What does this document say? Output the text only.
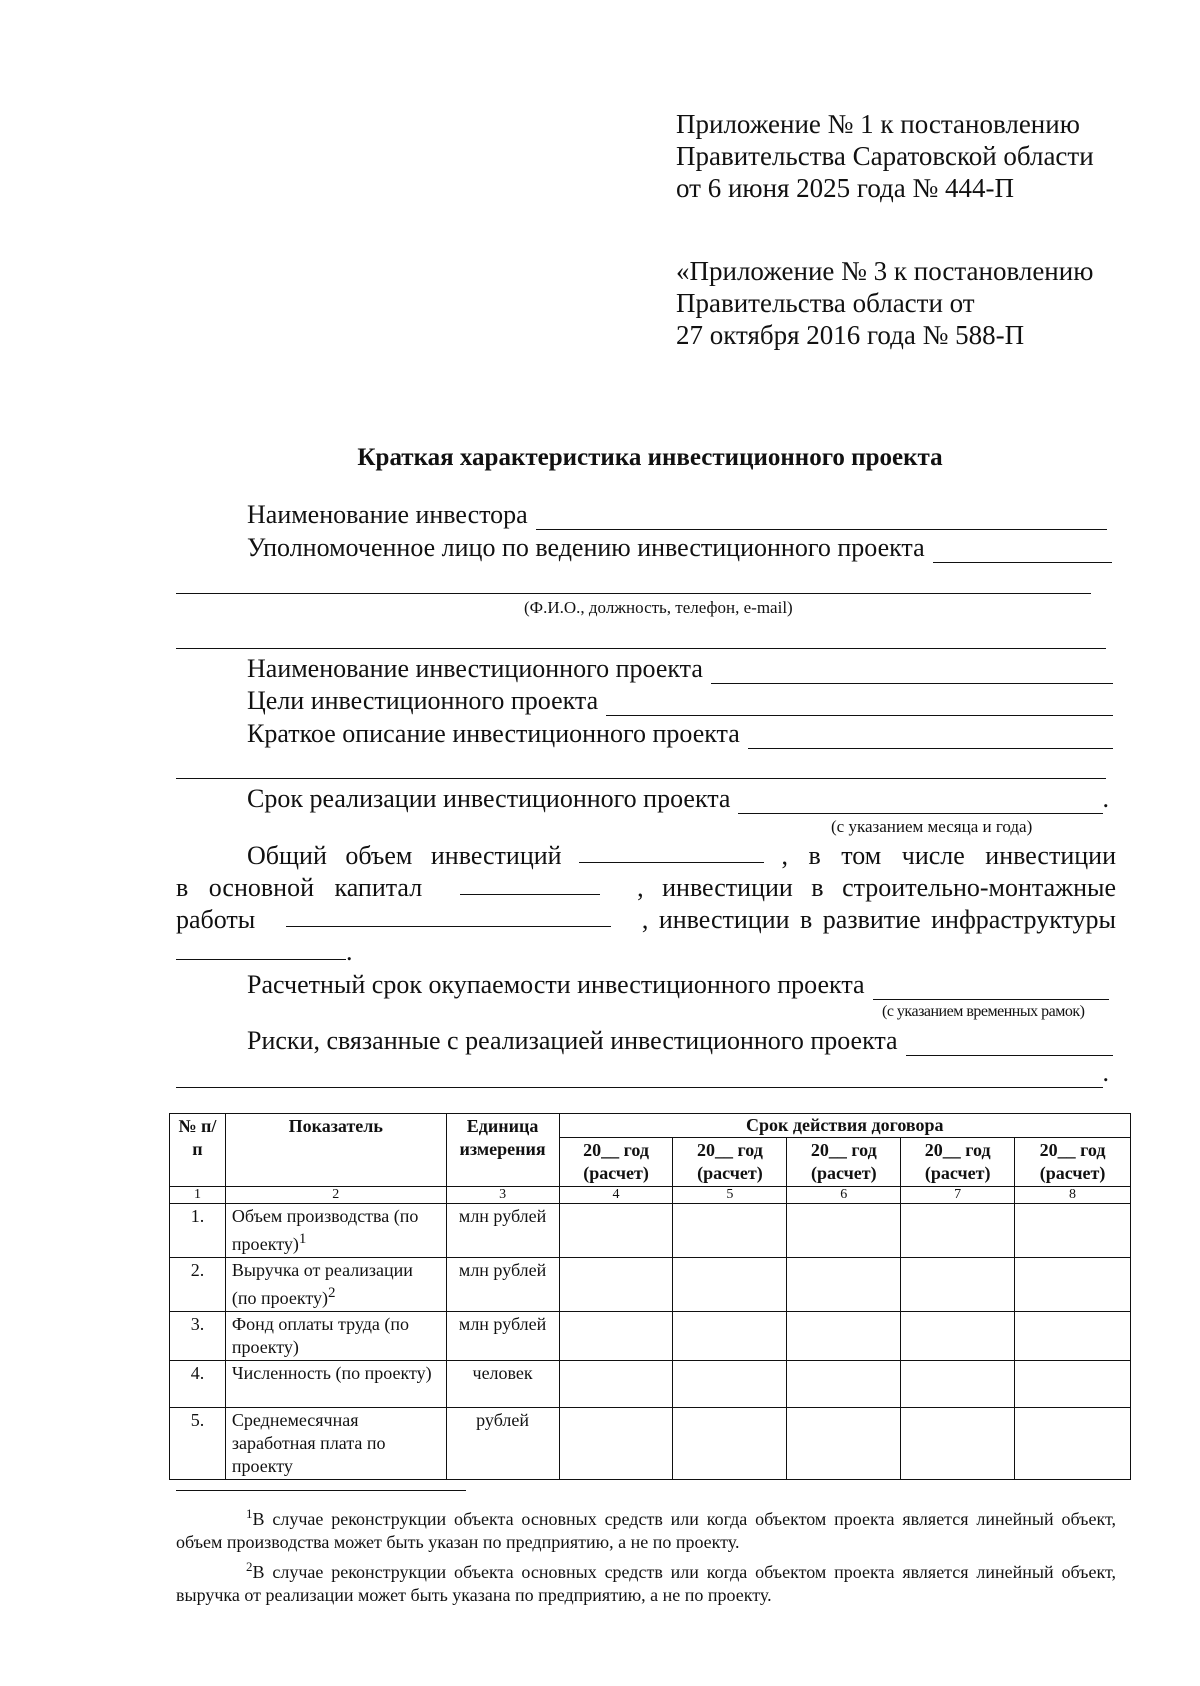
Приложение № 1 к постановлению
Правительства Саратовской области
от 6 июня 2025 года № 444-П
«Приложение № 3 к постановлению
Правительства области от
27 октября 2016 года № 588-П
Краткая характеристика инвестиционного проекта
Наименование инвестора
Уполномоченное лицо по ведению инвестиционного проекта
(Ф.И.О., должность, телефон, e-mail)
Наименование инвестиционного проекта
Цели инвестиционного проекта
Краткое описание инвестиционного проекта
Срок реализации инвестиционного проекта	.
(с указанием месяца и года)
Общий объем инвестиций	, в том числе инвестиции
в основной капитал	, инвестиции в строительно-монтажные
работы	, инвестиции в развитие инфраструктуры
.
Расчетный срок окупаемости инвестиционного проекта
(с указанием временных рамок)
Риски, связанные с реализацией инвестиционного проекта
.
№ п/п	Показатель	Единица измерения	Срок действия договора				
			20__ год (расчет)	20__ год (расчет)	20__ год (расчет)	20__ год (расчет)	20__ год (расчет)
1	2	3	4	5	6	7	8
1.	Объем производства (по проекту)$^1$	млн рублей					
2.	Выручка от реализации (по проекту)$^2$	млн рублей					
3.	Фонд оплаты труда (по проекту)	млн рублей					
4.	Численность (по проекту)	человек					
5.	Среднемесячная заработная плата по проекту	рублей					
$^1$В случае реконструкции объекта основных средств или когда объектом проекта является линейный объект, объем производства может быть указан по предприятию, а не по проекту.
$^2$В случае реконструкции объекта основных средств или когда объектом проекта является линейный объект, выручка от реализации может быть указана по предприятию, а не по проекту.
